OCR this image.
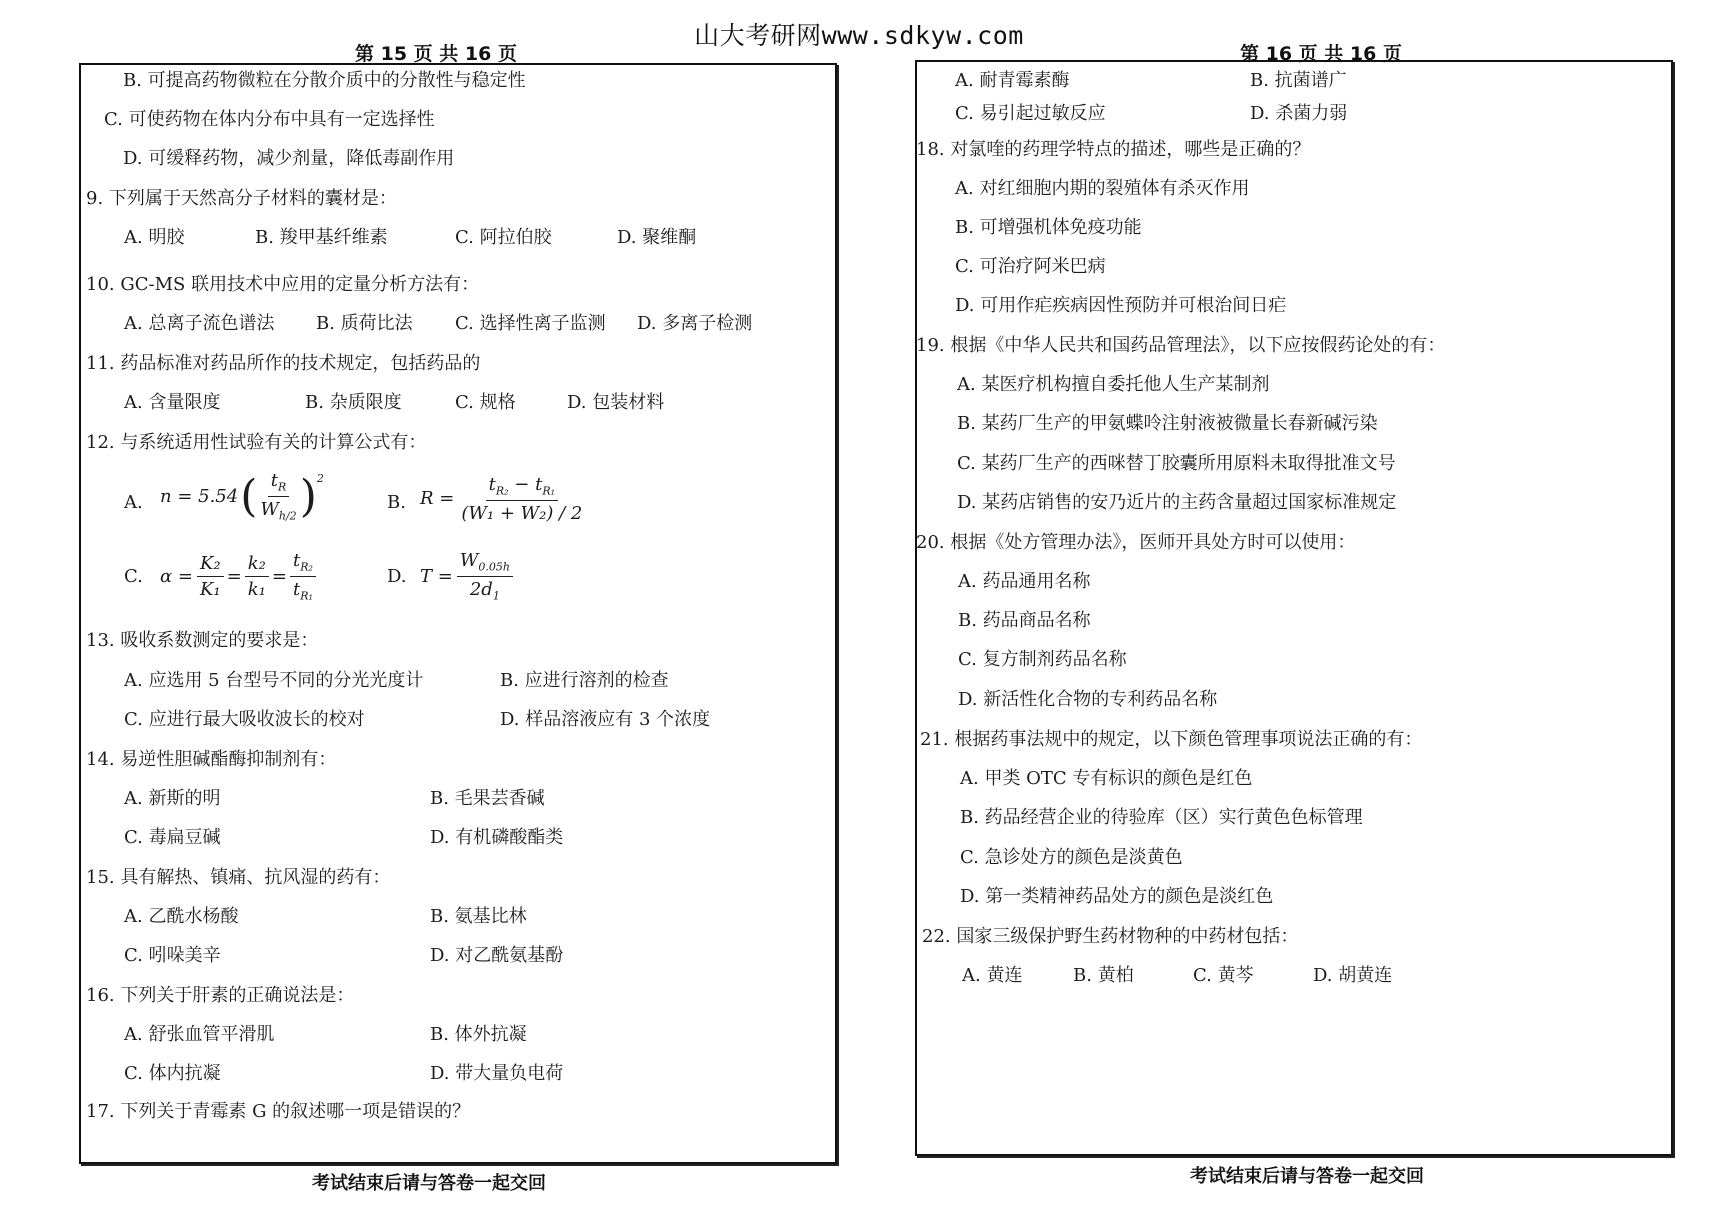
山大考研网www.sdkyw.com
第 15 页 共 16 页	第 16 页 共 16 页
B. 可提高药物微粒在分散介质中的分散性与稳定性
C. 可使药物在体内分布中具有一定选择性
D. 可缓释药物，减少剂量，降低毒副作用
9. 下列属于天然高分子材料的囊材是：
A. 明胶	B. 羧甲基纤维素	C. 阿拉伯胶	D. 聚维酮
10. GC-MS 联用技术中应用的定量分析方法有：
A. 总离子流色谱法 B. 质荷比法 C. 选择性离子监测 D. 多离子检测
11. 药品标准对药品所作的技术规定，包括药品的
A. 含量限度	B. 杂质限度	C. 规格	D. 包装材料
12. 与系统适用性试验有关的计算公式有：
A. n = 5.54 ( $\frac{t_R}{W_{h/2}} )^2$
B. $R = \frac{t_{R_2} - t_{R_1}}{\text{(W₁ + W₂) / 2}}$
C. $\alpha = \frac{\text{K₂}}{\text{K₁}} = \frac{\text{k₂}}{\text{k₁}} = \frac{t_{R_2}}{t_{R_1}}$	D. $T = \frac{W_{0.05h}}{2d_1}$
13. 吸收系数测定的要求是：
A. 应选用 5 台型号不同的分光光度计	B. 应进行溶剂的检查
C. 应进行最大吸收波长的校对	D. 样品溶液应有 3 个浓度
14. 易逆性胆碱酯酶抑制剂有：
A. 新斯的明	B. 毛果芸香碱
C. 毒扁豆碱	D. 有机磷酸酯类
15. 具有解热、镇痛、抗风湿的药有：
A. 乙酰水杨酸	B. 氨基比林
C. 吲哚美辛	D. 对乙酰氨基酚
16. 下列关于肝素的正确说法是：
A. 舒张血管平滑肌	B. 体外抗凝
C. 体内抗凝	D. 带大量负电荷
17. 下列关于青霉素 G 的叙述哪一项是错误的？
A. 耐青霉素酶	B. 抗菌谱广
C. 易引起过敏反应	D. 杀菌力弱
18. 对氯喹的药理学特点的描述，哪些是正确的？
A. 对红细胞内期的裂殖体有杀灭作用
B. 可增强机体免疫功能
C. 可治疗阿米巴病
D. 可用作疟疾病因性预防并可根治间日疟
19. 根据《中华人民共和国药品管理法》，以下应按假药论处的有：
A. 某医疗机构擅自委托他人生产某制剂
B. 某药厂生产的甲氨蝶呤注射液被微量长春新碱污染
C. 某药厂生产的西咪替丁胶囊所用原料未取得批准文号
D. 某药店销售的安乃近片的主药含量超过国家标准规定
20. 根据《处方管理办法》，医师开具处方时可以使用：
A. 药品通用名称
B. 药品商品名称
C. 复方制剂药品名称
D. 新活性化合物的专利药品名称
21. 根据药事法规中的规定，以下颜色管理事项说法正确的有：
A. 甲类 OTC 专有标识的颜色是红色
B. 药品经营企业的待验库（区）实行黄色色标管理
C. 急诊处方的颜色是淡黄色
D. 第一类精神药品处方的颜色是淡红色
22. 国家三级保护野生药材物种的中药材包括：
A. 黄连	B. 黄柏	C. 黄芩	D. 胡黄连
考试结束后请与答卷一起交回	考试结束后请与答卷一起交回
